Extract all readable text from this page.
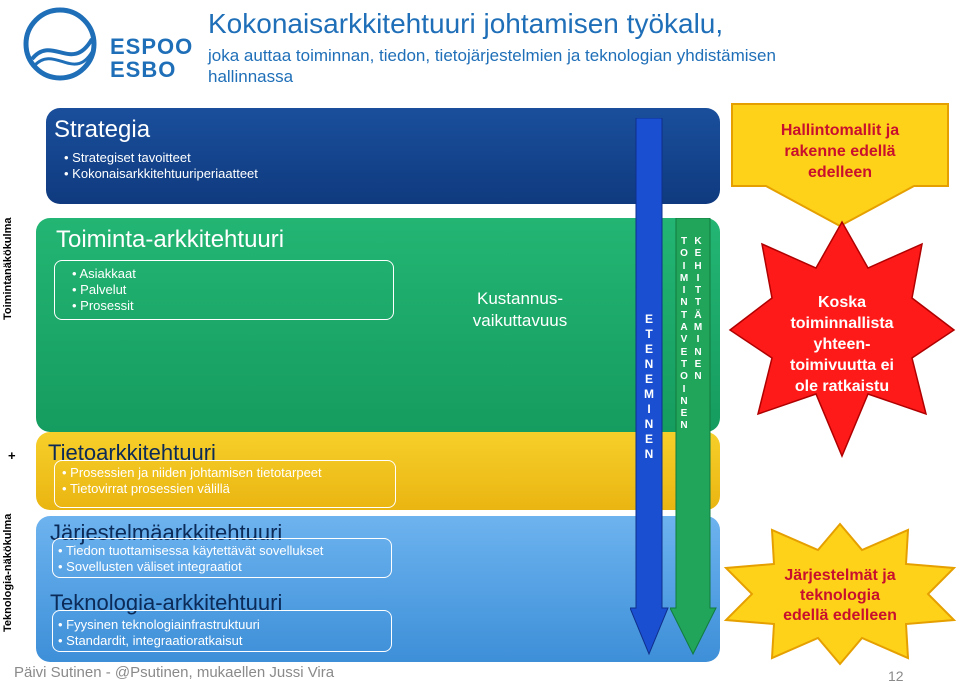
ESPOO
ESBO
Kokonaisarkkitehtuuri johtamisen työkalu,
joka auttaa toiminnan, tiedon, tietojärjestelmien ja teknologian yhdistämisen hallinnassa
Toimintanäkökulma
+
Teknologia-näkökulma
Strategia
• Strategiset tavoitteet
• Kokonaisarkkitehtuuriperiaatteet
Toiminta-arkkitehtuuri
• Asiakkaat
• Palvelut
• Prosessit
Tietoarkkitehtuuri
• Prosessien ja niiden johtamisen tietotarpeet
• Tietovirrat prosessien välillä
Järjestelmäarkkitehtuuri
• Tiedon tuottamisessa käytettävät sovellukset
• Sovellusten väliset integraatiot
Teknologia-arkkitehtuuri
• Fyysinen teknologiainfrastruktuuri
• Standardit, integraatioratkaisut
Kustannus-
vaikuttavuus	E
T
E
N
E
M
I
N
E
N
T
O
I
M
I
N
T
A
V
E
T
O
I
N
E
N
K
E
H
I
T
T
Ä
M
I
N
E
N
Hallintomallit ja
rakenne edellä
edelleen
Koska
toiminnallista
yhteen-
toimivuutta ei
ole ratkaistu
Järjestelmät ja
teknologia
edellä edelleen
Päivi Sutinen - @Psutinen, mukaellen Jussi Vira	12
